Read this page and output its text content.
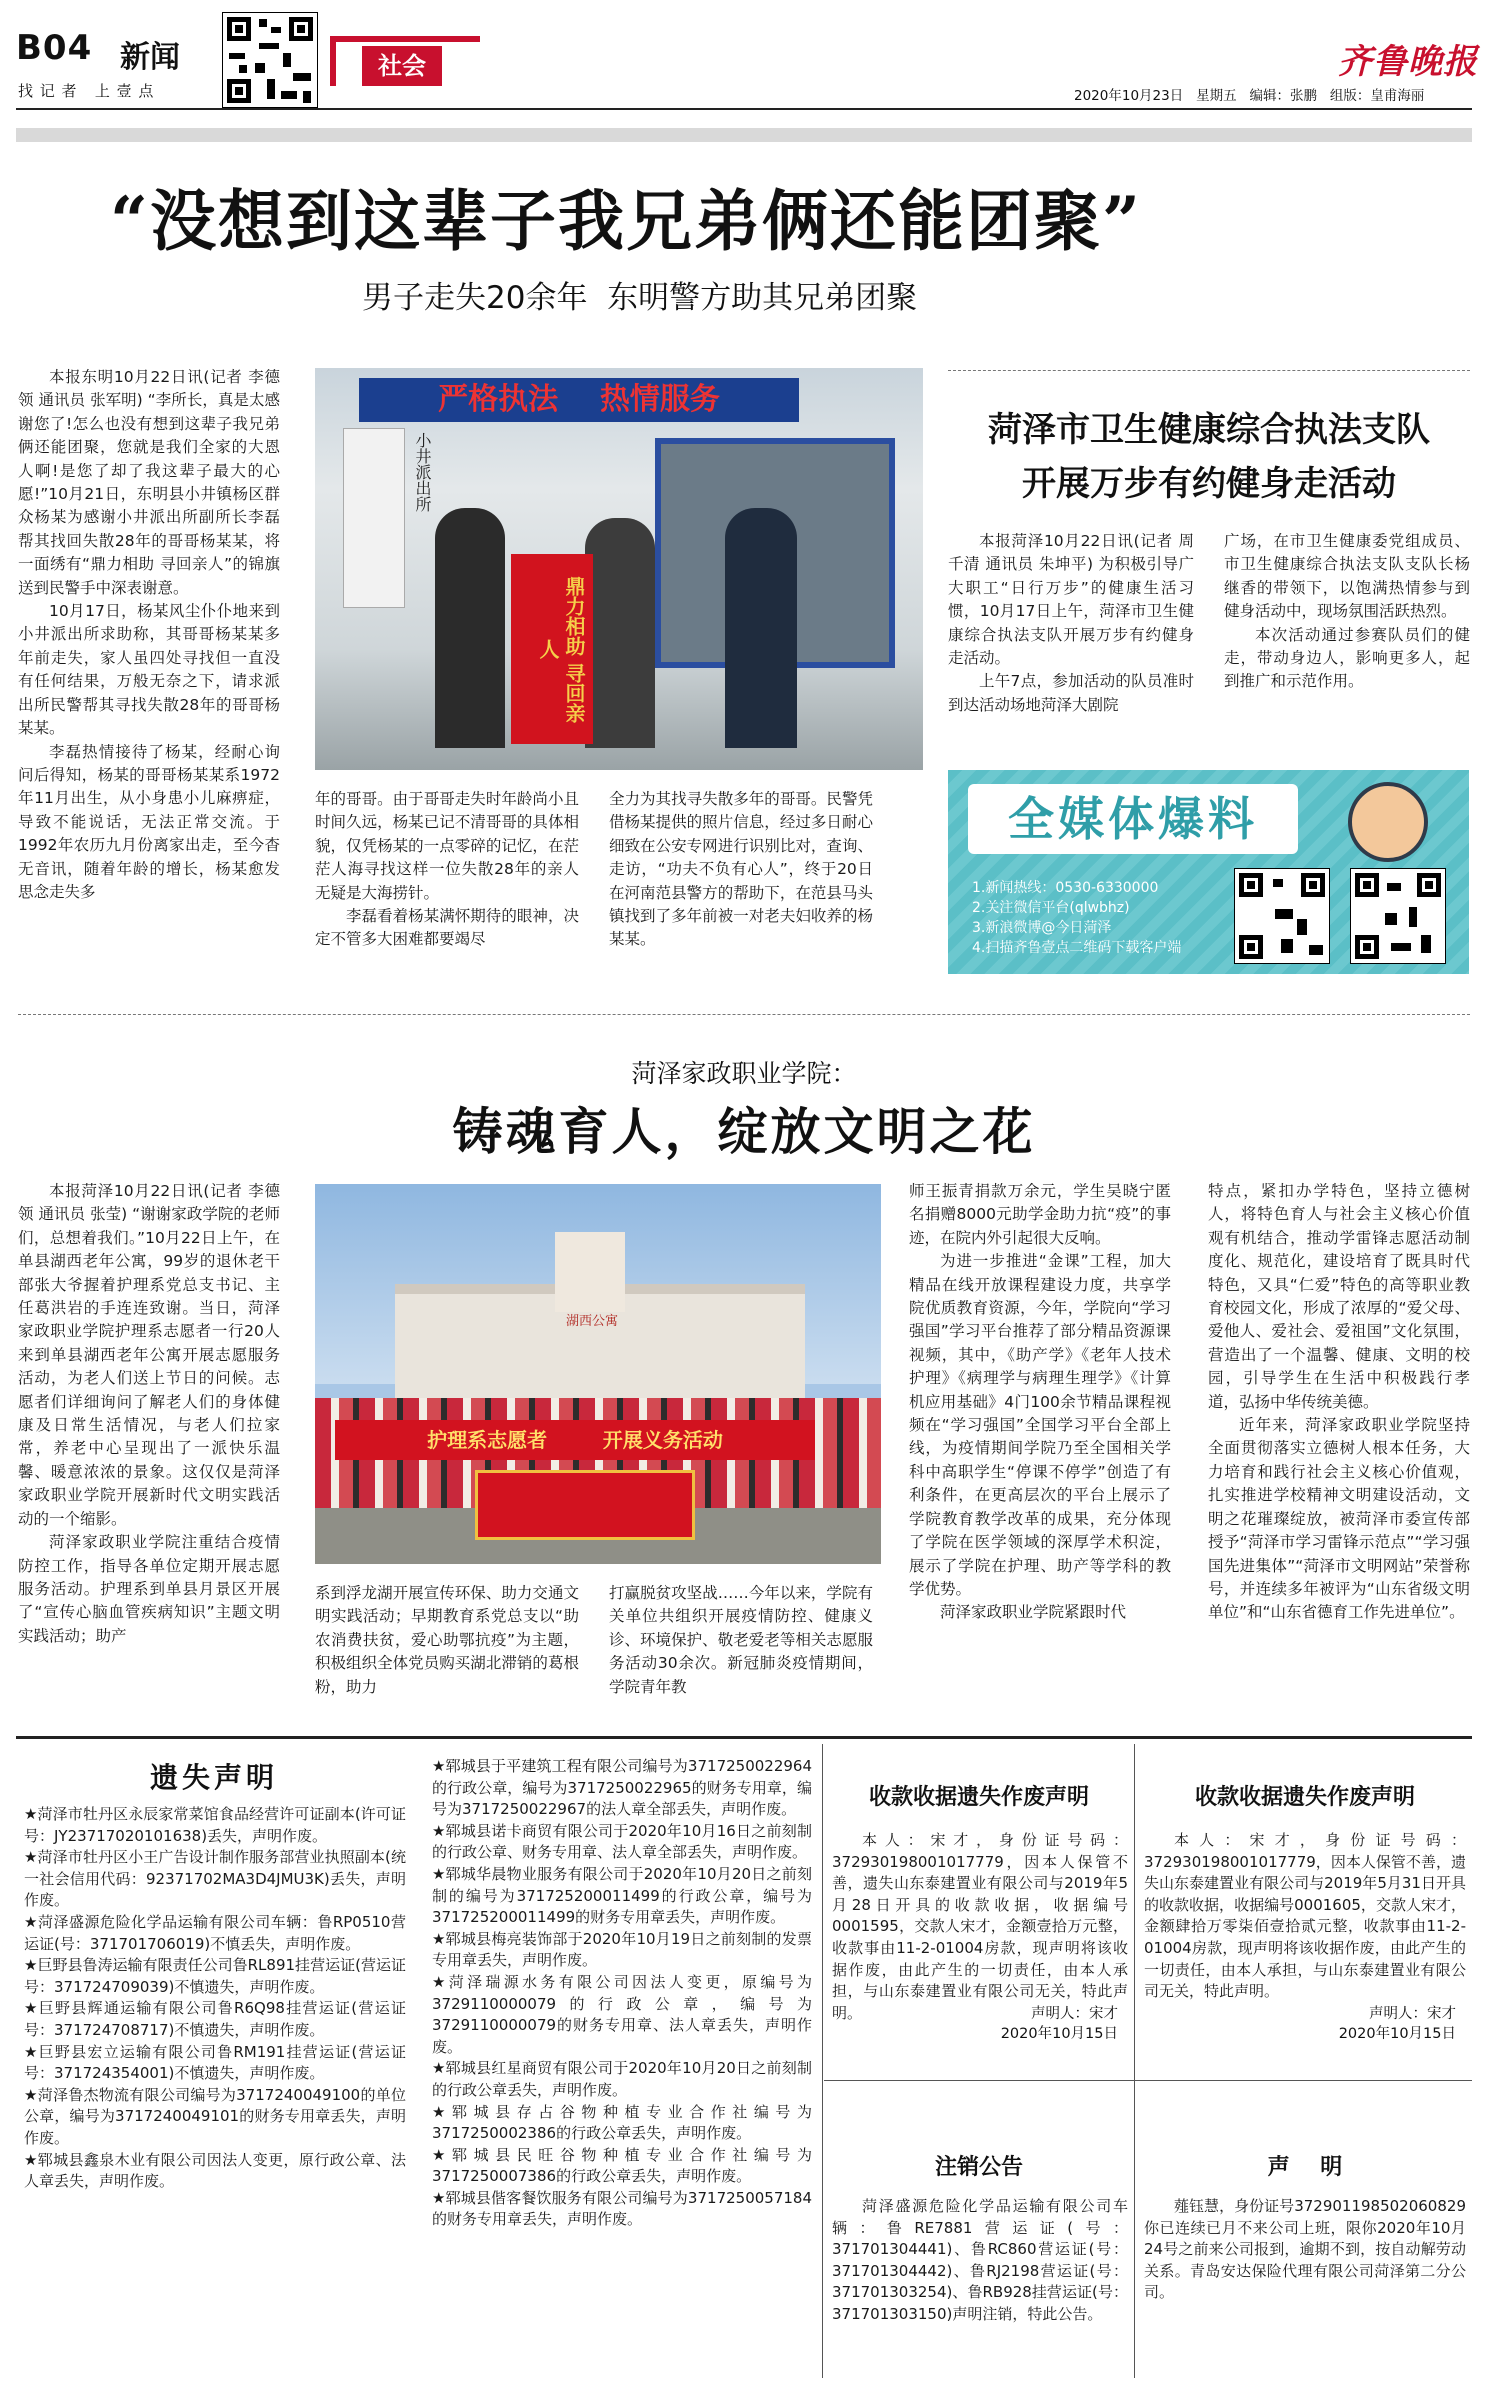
B04 新闻
找 记 者   上 壹 点
社会	齐鲁晚报
2020年10月23日 星期五 编辑：张鹏 组版：皇甫海丽
“没想到这辈子我兄弟俩还能团聚”
男子走失20余年  东明警方助其兄弟团聚

本报东明10月22日讯(记者 李德领 通讯员 张军明) “李所长，真是太感谢您了!怎么也没有想到这辈子我兄弟俩还能团聚，您就是我们全家的大恩人啊!是您了却了我这辈子最大的心愿!”10月21日，东明县小井镇杨区群众杨某为感谢小井派出所副所长李磊帮其找回失散28年的哥哥杨某某，将一面绣有“鼎力相助 寻回亲人”的锦旗送到民警手中深表谢意。

10月17日，杨某风尘仆仆地来到小井派出所求助称，其哥哥杨某某多年前走失，家人虽四处寻找但一直没有任何结果，万般无奈之下，请求派出所民警帮其寻找失散28年的哥哥杨某某。

李磊热情接待了杨某，经耐心询问后得知，杨某的哥哥杨某某系1972年11月出生，从小身患小儿麻痹症，导致不能说话，无法正常交流。于1992年农历九月份离家出走，至今杳无音讯，随着年龄的增长，杨某愈发思念走失多

严格执法    热情服务
小井派出所
鼎力相助 寻回亲人

年的哥哥。由于哥哥走失时年龄尚小且时间久远，杨某已记不清哥哥的具体相貌，仅凭杨某的一点零碎的记忆，在茫茫人海寻找这样一位失散28年的亲人无疑是大海捞针。

李磊看着杨某满怀期待的眼神，决定不管多大困难都要竭尽

全力为其找寻失散多年的哥哥。民警凭借杨某提供的照片信息，经过多日耐心细致在公安专网进行识别比对，查询、走访，“功夫不负有心人”，终于20日在河南范县警方的帮助下，在范县马头镇找到了多年前被一对老夫妇收养的杨某某。

菏泽市卫生健康综合执法支队
开展万步有约健身走活动

本报菏泽10月22日讯(记者 周千清 通讯员 朱坤平) 为积极引导广大职工“日行万步”的健康生活习惯，10月17日上午，菏泽市卫生健康综合执法支队开展万步有约健身走活动。

上午7点，参加活动的队员准时到达活动场地菏泽大剧院

广场，在市卫生健康委党组成员、市卫生健康综合执法支队支队长杨继香的带领下，以饱满热情参与到健身活动中，现场氛围活跃热烈。

本次活动通过参赛队员们的健走，带动身边人，影响更多人，起到推广和示范作用。

全媒体爆料
1.新闻热线：0530-6330000
2.关注微信平台(qlwbhz)
3.新浪微博@今日菏泽
4.扫描齐鲁壹点二维码下载客户端
菏泽家政职业学院：
铸魂育人，绽放文明之花

本报菏泽10月22日讯(记者 李德领 通讯员 张莹) “谢谢家政学院的老师们，总想着我们。”10月22日上午，在单县湖西老年公寓，99岁的退休老干部张大爷握着护理系党总支书记、主任葛洪岩的手连连致谢。当日，菏泽家政职业学院护理系志愿者一行20人来到单县湖西老年公寓开展志愿服务活动，为老人们送上节日的问候。志愿者们详细询问了解老人们的身体健康及日常生活情况，与老人们拉家常，养老中心呈现出了一派快乐温馨、暖意浓浓的景象。这仅仅是菏泽家政职业学院开展新时代文明实践活动的一个缩影。

菏泽家政职业学院注重结合疫情防控工作，指导各单位定期开展志愿服务活动。护理系到单县月景区开展了“宣传心脑血管疾病知识”主题文明实践活动；助产

湖西公寓
护理系志愿者        开展义务活动

系到浮龙湖开展宣传环保、助力交通文明实践活动；早期教育系党总支以“助农消费扶贫，爱心助鄂抗疫”为主题，积极组织全体党员购买湖北滞销的葛根粉，助力

打赢脱贫攻坚战……今年以来，学院有关单位共组织开展疫情防控、健康义诊、环境保护、敬老爱老等相关志愿服务活动30余次。新冠肺炎疫情期间，学院青年教

师王振青捐款万余元，学生吴晓宁匿名捐赠8000元助学金助力抗“疫”的事迹，在院内外引起很大反响。

为进一步推进“金课”工程，加大精品在线开放课程建设力度，共享学院优质教育资源，今年，学院向“学习强国”学习平台推荐了部分精品资源课视频，其中，《助产学》《老年人技术护理》《病理学与病理生理学》《计算机应用基础》4门100余节精品课程视频在“学习强国”全国学习平台全部上线，为疫情期间学院乃至全国相关学科中高职学生“停课不停学”创造了有利条件，在更高层次的平台上展示了学院教育教学改革的成果，充分体现了学院在医学领域的深厚学术积淀，展示了学院在护理、助产等学科的教学优势。

菏泽家政职业学院紧跟时代

特点，紧扣办学特色，坚持立德树人，将特色育人与社会主义核心价值观有机结合，推动学雷锋志愿活动制度化、规范化，建设培育了既具时代特色，又具“仁爱”特色的高等职业教育校园文化，形成了浓厚的“爱父母、爱他人、爱社会、爱祖国”文化氛围，营造出了一个温馨、健康、文明的校园，引导学生在生活中积极践行孝道，弘扬中华传统美德。

近年来，菏泽家政职业学院坚持全面贯彻落实立德树人根本任务，大力培育和践行社会主义核心价值观，扎实推进学校精神文明建设活动，文明之花璀璨绽放，被菏泽市委宣传部授予“菏泽市学习雷锋示范点”“学习强国先进集体”“菏泽市文明网站”荣誉称号，并连续多年被评为“山东省级文明单位”和“山东省德育工作先进单位”。

遗失声明

★菏泽市牡丹区永辰家常菜馆食品经营许可证副本(许可证号：JY23717020101638)丢失，声明作废。

★菏泽市牡丹区小王广告设计制作服务部营业执照副本(统一社会信用代码：92371702MA3D4JMU3K)丢失，声明作废。

★菏泽盛源危险化学品运输有限公司车辆：鲁RP0510营运证(号：371701706019)不慎丢失，声明作废。

★巨野县鲁涛运输有限责任公司鲁RL891挂营运证(营运证号：371724709039)不慎遗失，声明作废。

★巨野县辉通运输有限公司鲁R6Q98挂营运证(营运证号：371724708717)不慎遗失，声明作废。

★巨野县宏立运输有限公司鲁RM191挂营运证(营运证号：371724354001)不慎遗失，声明作废。

★菏泽鲁杰物流有限公司编号为3717240049100的单位公章，编号为3717240049101的财务专用章丢失，声明作废。

★郓城县鑫泉木业有限公司因法人变更，原行政公章、法人章丢失，声明作废。

★郓城县于平建筑工程有限公司编号为3717250022964的行政公章，编号为3717250022965的财务专用章，编号为3717250022967的法人章全部丢失，声明作废。

★郓城县诺卡商贸有限公司于2020年10月16日之前刻制的行政公章、财务专用章、法人章全部丢失，声明作废。

★郓城华晨物业服务有限公司于2020年10月20日之前刻制的编号为3717252000114​99的行政公章，编号为3717252000114​99的财务专用章丢失，声明作废。

★郓城县梅亮装饰部于2020年10月19日之前刻制的发票专用章丢失，声明作废。

★菏泽瑞源水务有限公司因法人变更，原编号为3729110000079的行政公章，编号为3729110000079的财务专用章、法人章丢失，声明作废。

★郓城县红星商贸有限公司于2020年10月20日之前刻制的行政公章丢失，声明作废。

★郓城县存占谷物种植专业合作社编号为3717250002386的行政公章丢失，声明作废。

★郓城县民旺谷物种植专业合作社编号为3717250007386的行政公章丢失，声明作废。

★郓城县偕客餐饮服务有限公司编号为3717250057184的财务专用章丢失，声明作废。

收款收据遗失作废声明

本人：宋才，身份证号码：372930198001017779，因本人保管不善，遗失山东泰建置业有限公司与2019年5月28日开具的收款收据，收据编号0001595，交款人宋才，金额壹拾万元整，收款事由11-2-01004房款，现声明将该收据作废，由此产生的一切责任，由本人承担，与山东泰建置业有限公司无关，特此声明。	声明人：宋才
2020年10月15日
收款收据遗失作废声明

本人：宋才，身份证号码：372930198001017779，因本人保管不善，遗失山东泰建置业有限公司与2019年5月31日开具的收款收据，收据编号0001605，交款人宋才，金额肆拾万零柒佰壹拾贰元整，收款事由11-2-01004房款，现声明将该收据作废，由此产生的一切责任，由本人承担，与山东泰建置业有限公司无关，特此声明。

声明人：宋才
2020年10月15日
注销公告

菏泽盛源危险化学品运输有限公司车辆：鲁RE7881营运证(号：371701304441)、鲁RC860营运证(号：371701304442)、鲁RJ2198营运证(号：371701303254)、鲁RB928挂营运证(号：371701303150)声明注销，特此公告。

声    明

薤钰慧，身份证号372901198502060829你已连续已月不来公司上班，限你2020年10月24号之前来公司报到，逾期不到，按自动解劳动关系。青岛安达保险代理有限公司菏泽第二分公司。
